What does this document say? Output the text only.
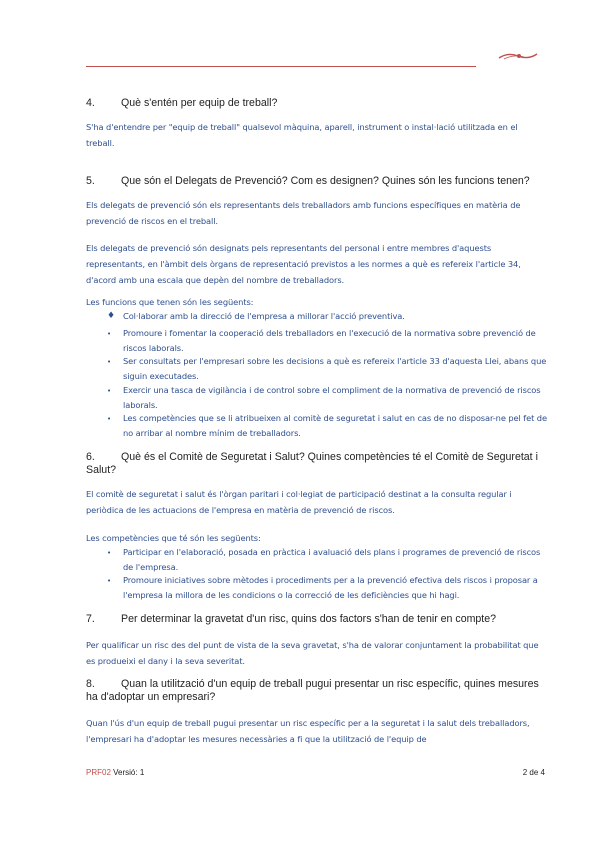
4. Què s'entén per equip de treball?
S'ha d'entendre per "equip de treball" qualsevol màquina, aparell, instrument o instal·lació utilitzada en el treball.
5. Que són el Delegats de Prevenció? Com es designen? Quines són les funcions tenen?
Els delegats de prevenció són els representants dels treballadors amb funcions específiques en matèria de prevenció de riscos en el treball.
Els delegats de prevenció són designats pels representants del personal i entre membres d'aquests representants, en l'àmbit dels òrgans de representació previstos a les normes a què es refereix l'article 34, d'acord amb una escala que depèn del nombre de treballadors.
Les funcions que tenen són les següents:
♦ Col·laborar amb la direcció de l'empresa a millorar l'acció preventiva.
•	Promoure i fomentar la cooperació dels treballadors en l'execució de la normativa sobre prevenció de riscos laborals.
•	Ser consultats per l'empresari sobre les decisions a què es refereix l'article 33 d'aquesta Llei, abans que siguin executades.
•	Exercir una tasca de vigilància i de control sobre el compliment de la normativa de prevenció de riscos laborals.
•	Les competències que se li atribueixen al comitè de seguretat i salut en cas de no disposar-ne pel fet de no arribar al nombre mínim de treballadors.
6. Què és el Comitè de Seguretat i Salut? Quines competències té el Comitè de Seguretat i Salut?
El comitè de seguretat i salut és l'òrgan paritari i col·legiat de participació destinat a la consulta regular i periòdica de les actuacions de l'empresa en matèria de prevenció de riscos.
Les competències que té són les següents:
•	Participar en l'elaboració, posada en pràctica i avaluació dels plans i programes de prevenció de riscos de l'empresa.
•	Promoure iniciatives sobre mètodes i procediments per a la prevenció efectiva dels riscos i proposar a l'empresa la millora de les condicions o la correcció de les deficiències que hi hagi.
7. Per determinar la gravetat d'un risc, quins dos factors s'han de tenir en compte?
Per qualificar un risc des del punt de vista de la seva gravetat, s'ha de valorar conjuntament la probabilitat que es produeixi el dany i la seva severitat.
8. Quan la utilització d'un equip de treball pugui presentar un risc específic, quines mesures ha d'adoptar un empresari?
Quan l'ús d'un equip de treball pugui presentar un risc específic per a la seguretat i la salut dels treballadors, l'empresari ha d'adoptar les mesures necessàries a fi que la utilització de l'equip de
PRF02 Versió: 1	2 de 4
